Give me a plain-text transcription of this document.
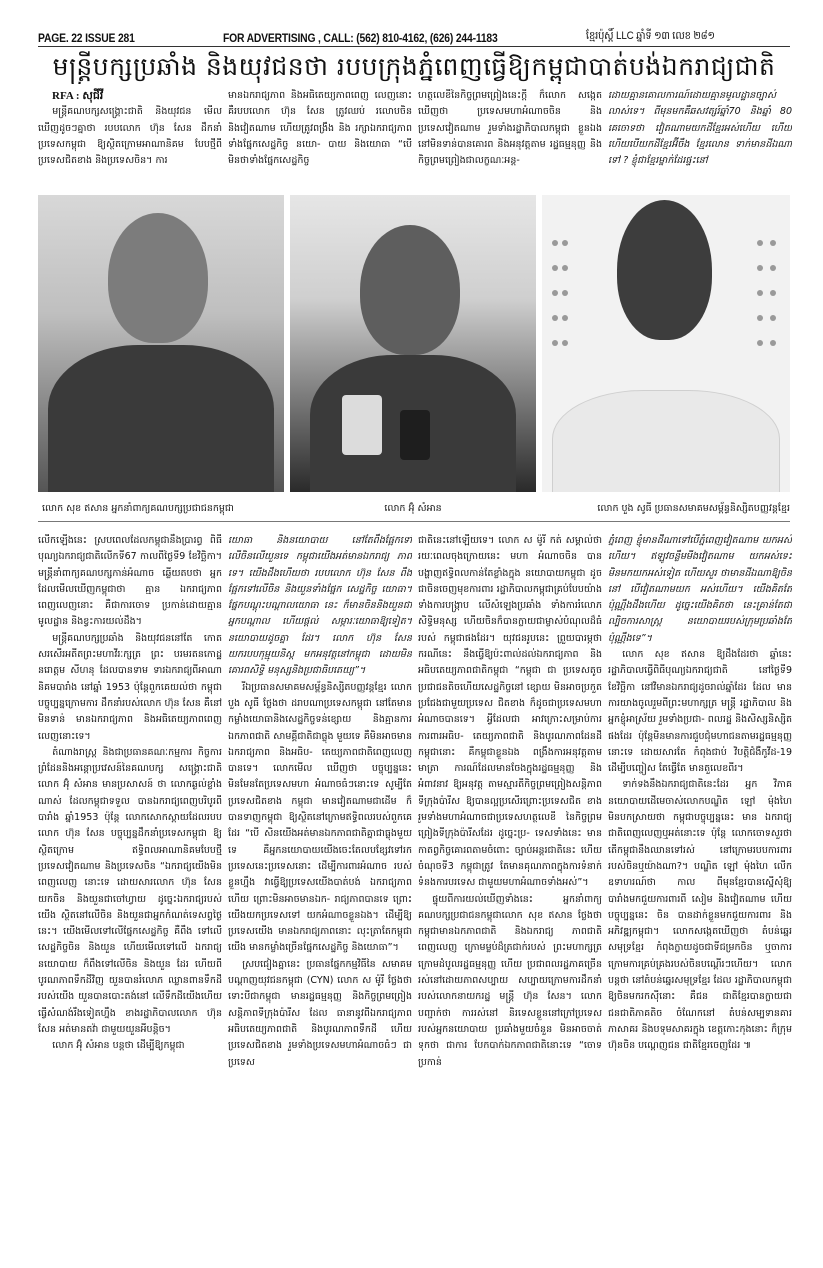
PAGE. 22 ISSUE 281	FOR ADVERTISING , CALL: (562) 810-4162, (626) 244-1183	ខ្មែរប៉ុស្តិ៍ LLC ឆ្នាំទី ១៣ លេខ ២៨១
មន្ត្រីបក្សប្រឆាំង និងយុវជនថា របបក្រុងភ្នំពេញធ្វើឱ្យកម្ពុជាបាត់បង់ឯករាជ្យជាតិ
RFA : សុជីវី

មន្ត្រីគណបក្សសង្គ្រោះជាតិ និងយុវជន មើលឃើញដូចៗគ្នាថា របបលោក ហ៊ុន សែន ដឹកនាំប្រទេសកម្ពុជា ឱ្យស្ថិតក្រោមអាណានិគម បែបថ្មីពីប្រទេសជិតខាង និងប្រទេសចិន។ ការ

មានឯករាជ្យភាព និងអធិតេយ្យភាពពេញ លេញនោះ គឺរបបលោក ហ៊ុន សែន ត្រូវឈប់ រលោបចិន និងវៀតណាម ហើយត្រូវពង្រឹង និង រក្សាឯករាជ្យភាពទាំងផ្នែកសេដ្ឋកិច្ច នយោ- បាយ និងយោធា “បើមិនថាទាំងផ្នែកសេដ្ឋកិច្ច

ហត្ថលេខីនៃកិច្ចព្រមព្រៀងនេះក្តី ក៏លោក សង្កេតឃើញថា ប្រទេសមហាអំណាចចិន និង ប្រទេសវៀតណាម រួមទាំងរដ្ឋាភិបាលកម្ពុជា ខ្លួនឯង នៅមិនទាន់បានគោរព និងអនុវត្តតាម រដ្ឋធម្មនុញ្ញ និងកិច្ចព្រមព្រៀងជាលក្ខណៈអន្ត-

ដោយគ្មានគោលការណ៍ដោយគ្មានមូលដ្ឋានច្បាស់ លាស់ទេ។ ពីមុនមកគឺឆសវត្សរ៍ឆ្នាំ70 និងឆ្នាំ 80 គេចោទថា វៀតណាមយកដីខ្មែរអស់ហើយ ហើយ ហើយបើយកដីខ្មែរអ៊ីចឹង ខ្មែរលោន ទាក់មានដីឯណាទៅ ? ខ្ញុំជាខ្មែរម្នាក់ដែរផ្ទះនៅ

លោក សុខ ឥសាន អ្នកនាំពាក្យគណបក្សប្រជាជនកម្ពុជា	លោក អ៊ុំ សំអាន	លោក បួង សូធី ប្រធានសមាគមសម្ព័ន្ធនិស្សិតបញ្ញវន្តខ្មែរ

លើកឡើងនេះ ស្របពេលដែលកម្ពុជានឹងប្រារព្ធ ពិធីបុណ្យឯករាជ្យជាតិលើកទី67 កាលពីថ្ងៃទី9 ខែវិច្ឆិកា។ មន្ត្រីនាំពាក្យគណបក្សកាន់អំណាច ឆ្លើយតបថា អ្នកដែលមើលឃើញកម្ពុជាថា គ្មាន ឯករាជ្យភាពពេញលេញនោះ គឺជាការចោទ ប្រកាន់ដោយគ្មានមូលដ្ឋាន និងខ្វះការយល់ដឹង។

មន្ត្រីគណបក្សប្រឆាំង និងយុវជននៅតែ កោតសរសើរអតីតព្រះមហាវីរៈក្សត្រ ព្រះ បរមរតនកោដ្ឋ នរោត្តម សីហនុ ដែលបានទាម ទារឯករាជ្យពីអាណានិគមបារាំង នៅឆ្នាំ 1953 ប៉ុន្តែពួកគេយល់ថា កម្ពុជាបច្ចុប្បន្នក្រោមការ ដឹកនាំរបស់លោក ហ៊ុន សែន គឺនៅមិនទាន់ មានឯករាជ្យភាព និងអធិតេយ្យភាពពេញ លេញនោះទេ។

តំណាងរាស្ត្រ និងជាប្រធានគណៈកម្មការ កិច្ចការព្រំដែននិងអន្តោប្រវេសន៍នៃគណបក្ស សង្គ្រោះជាតិលោក អ៊ុំ សំអាន មានប្រសាសន៍ ថា លោកឆ្ងល់ខ្លាំងណាស់ ដែលកម្ពុជាទទួល បានឯករាជ្យពេញបរិបូរពីបារាំង ឆ្នាំ1953 ប៉ុន្តែ លោកសោកស្តាយដែលរបបលោក ហ៊ុន សែន បច្ចុប្បន្នដឹកនាំប្រទេសកម្ពុជា ឱ្យស្ថិតក្រោម ឥទ្ធិពលអាណានិគមបែបថ្មីប្រទេសវៀតណាម និងប្រទេសចិន “ឯករាជ្យយើងមិនពេញលេញ នោះទេ ដោយសារលោក ហ៊ុន សែន យកចិន និងយួនជាចៅហ្វាយ ដូច្នេះឯករាជ្យរបស់យើង ស្ថិតនៅលើចិន និងយួនជាអ្នកកំណត់ទេសព្វថ្ងៃ នេះ។ យើងមើលទៅលើផ្នែកសេដ្ឋកិច្ច គឺពឹង ទៅលើសេដ្ឋកិច្ចចិន និងយួន ហើយមើលទៅលើ ឯករាជ្យនយោបាយ ក៏ពឹងទៅលើចិន និងយួន ដែរ ហើយពីបូរណភាពទឹកដីវិញ យួនបានរំលោភ ឈ្លានពានទឹកដីរបស់យើង យួនបានបោះតង់នៅ លើទឹកដីយើងហើយធ្វើសំណង់រឹងទៀតហ្នឹង ខាងរដ្ឋាភិបាលលោក ហ៊ុន សែន អត់មានតវ៉ា ជាមួយយួនអីបន្តិច។

លោក អ៊ុំ សំអាន បន្តថា ដើម្បីឱ្យកម្ពុជា

យោធា និងនយោបាយ នៅតែពឹងផ្អែកទៅ លើចិនលើយួនទេ កម្ពុជាយើងអត់មានឯករាជ្យ ភាពទេ។ យើងដឹងហើយថា របបលោក ហ៊ុន សែន ពឹងផ្អែកទៅលើចិន និងយួនទាំងផ្នែក សេដ្ឋកិច្ច យោធា។ ផ្នែកបណ្តុះបណ្តាលយោធា នេះ ក៏មានចិននិងយួនជាអ្នកបណ្តាល ហើយផ្តល់ សម្ភារៈយោធាឱ្យទៀត។ នយោបាយដូចគ្នា ដែរ។ លោក ហ៊ុន សែន យករបបកុម្មុយនិស្ត មកអនុវត្តនៅកម្ពុជា ដោយមិនគោរពសិទ្ធិ មនុស្សនិងប្រជាធិបតេយ្យ”។

រីឯប្រធានសមាគមសម្ព័ន្ធនិស្សិតបញ្ញវន្តខ្មែរ លោក បួង សូធី ថ្លែងថា ដរាបណាប្រទេសកម្ពុជា នៅតែមានកម្លាំងយោធានិងសេដ្ឋកិច្ចទន់ខ្សោយ និងគ្មានការឯកភាពជាតិ សាមគ្គីជាតិជាធ្លុង មួយទេ គឺមិនអាចមានឯករាជ្យភាព និងអធិប- តេយ្យភាពជាតិពេញលេញបានទេ។ លោកមើល ឃើញថា បច្ចុប្បន្ននេះមិនមែនតែប្រទេសមហា អំណាចធំៗនោះទេ សូម្បីតែប្រទេសជិតខាង កម្ពុជា មានវៀតណាមជាដើម ក៏បានទាញកម្ពុជា ឱ្យស្ថិតនៅក្រោមឥទ្ធិពលរបស់ពួកគេដែរ “បើ សិនយើងអត់មានឯកភាពជាតិគ្នាជាធ្លុងមួយទេ គឺអ្នកនយោបាយយើងចេះតែលបខ្សែវទៅរក ប្រទេសនេះប្រទេសនោះ ដើម្បីការពារអំណាច របស់ខ្លួនហ្នឹង វាធ្វើឱ្យប្រទេសយើងបាត់បង់ ឯករាជ្យភាពហើយ ព្រោះមិនអាចមានឯក- រាជ្យភាពបានទេ ព្រោះយើងយកប្រទេសទៅ យកអំណាចខ្លួនឯង។ ដើម្បីឱ្យប្រទេសយើង មានឯករាជ្យភាពនោះ លុះត្រាតែកម្ពុជាយើង មានកម្លាំងច្រើនផ្នែកសេដ្ឋកិច្ច និងយោធា”។

ស្របជៀងគ្នានេះ ប្រធានផ្នែកកម្មវិធីនៃ សមាគមបណ្តាញយុវជនកម្ពុជា (CYN) លោក ស ម៉ូរី ថ្លែងថា ទោះបីជាកម្ពុជា មានរដ្ឋធម្មនុញ្ញ និងកិច្ចព្រមព្រៀងសន្តិភាពទីក្រុងប៉ារីស ដែល ធានានូវពីឯករាជ្យភាព អធិបតេយ្យភាពជាតិ និងបូរណភាពទឹកដី ហើយប្រទេសជិតខាង រួមទាំងប្រទេសមហាអំណាចធំៗ ជាប្រទេស

ជាតិនេះនៅឡើយទេ។ លោក ស ម៉ូរី កត់ សម្គាល់ថា រយៈពេលចុងក្រោយនេះ មហា អំណាចចិន បានបង្ហាញឥទ្ធិពលកាន់តែខ្លាំងក្នុង នយោបាយកម្ពុជា ដូចជាចិនចេញមុខការពារ រដ្ឋាភិបាលកម្ពុជាគ្រប់បែបយ៉ាង ទាំងការបង្ក្រាប លើសំឡេងប្រឆាំង ទាំងការរំលោភសិទ្ធិមនុស្ស ហើយចិនក៏បានក្លាយជាម្ចាស់បំណុលដ៏ធំរបស់ កម្ពុជាផងដែរ។ យុវជនរូបនេះ ព្រួយបារម្ភថា ករណីនេះ នឹងធ្វើឱ្យប៉ះពាល់ដល់ឯករាជ្យភាព និងអធិបតេយ្យភាពជាតិកម្ពុជា “កម្ពុជា ជា ប្រទេសតូចប្រជាជនតិចហើយសេដ្ឋកិច្ចនៅ ខ្សោយ មិនអាចប្រកួតប្រជែងជាមួយប្រទេស ជិតខាង ក៏ដូចជាប្រទេសមហាអំណាចបានទេ។ អ្វីដែលជា អាវក្រោះសម្រាប់ការការពារអធិប- តេយ្យភាពជាតិ និងបូរណភាពដែនដីកម្ពុជានោះ គឺកម្ពុជាខ្លួនឯង ពង្រឹងការអនុវត្តតាមមាត្រា ការណ៍ដែលមានចែងក្នុងរដ្ឋធម្មនុញ្ញ និងអំពាវនាវ ឱ្យអនុវត្ត តាមស្មារតីកិច្ចព្រមព្រៀងសន្តិភាព ទីក្រុងប៉ារីស ឱ្យបានល្អប្រសើរព្រោះប្រទេសជិត ខាងរួមទាំងមហាអំណាចជាប្រទេសហត្ថលេខី នៃកិច្ចព្រមព្រៀងទីក្រុងប៉ារីសដែរ ដូច្នេះប្រ- ទេសទាំងនេះ មានកាតព្វកិច្ចគោរពតាមចំពោះ ច្បាប់អន្តរជាតិនេះ ហើយចំណុចទី3 កម្ពុជាត្រូវ តែមានគុណភាពក្នុងការទំនាក់ទំនងការបរទេស ជាមួយមហាអំណាចទាំងអស់”។

ផ្ទុយពីការយល់ឃើញទាំងនេះ អ្នកនាំពាក្យ គណបក្សប្រជាជនកម្ពុជាលោក សុខ ឥសាន ថ្លែងថា កម្ពុជាមានឯកភាពជាតិ និងឯករាជ្យ ភាពជាតិពេញលេញ ក្រោមម្លប់ដ៏ត្រជាក់របស់ ព្រះមហាក្សត្រ ក្រោមដំបូលរដ្ឋធម្មនុញ្ញ ហើយ ប្រជាពលរដ្ឋភាគច្រើនរស់នៅដោយភាពសប្បាយ សប្បាយក្រោមការដឹកនាំរបស់លោកនាយករដ្ឋ មន្ត្រី ហ៊ុន សែន។ លោកបញ្ជាក់ថា ការរស់នៅ និរទេសខ្លួននៅក្រៅប្រទេសរបស់អ្នកនយោបាយ ប្រឆាំងមួយចំនួន មិនអាចចាត់ទុកថា ជាការ បែកបាក់ឯកភាពជាតិនោះទេ “ចោទប្រកាន់

ភ្នំពេញ ខ្ញុំមានដីណាទៅបើភ្នំពេញវៀតណាម យកអស់ហើយ។ ឥឡូវចន្លឹមមីងវៀតណាម យកអស់ទេះ មិនមកយកអស់ទៀត ហើយសួរ ថាមានដីឯណាឱ្យចិននៅ បើវៀតណាមយក អស់ហើយ។ យើងគិតតែប៉ុណ្ណឹងដឹងហើយ ដូច្នេះយើងគិតថា នេះគ្រាន់តែជាល្បិចការសាស្ត្រ នយោបាយរបស់ក្រុមប្រឆាំងតែប៉ុណ្ណឹងទេ”។

លោក សុខ ឥសាន ឱ្យដឹងដែរថា ឆ្នាំនេះ រដ្ឋាភិបាលធ្វើពិធីបុណ្យឯករាជ្យជាតិ នៅថ្ងៃទី9 ខែវិច្ឆិកា នៅវិមានឯករាជ្យដូចរាល់ឆ្នាំដែរ ដែល មានការយាងចូលរួមពីព្រះមហាក្សត្រ មន្ត្រី រដ្ឋាភិបាល និងអ្នកខ្ញុំអាស្រ័យ រួមទាំងប្រជា- ពលរដ្ឋ និងសិស្សនិស្សិតផងដែរ ប៉ុន្តែមិនមានការជួបជុំមហាជនតាមរដ្ឋធម្មនុញ្ញ នោះទេ ដោយសារតែ កំពុងជាប់ វិបត្តិជំងឺកូវីដ-19 ដើម្បីបញ្ចៀស តែធ្វើតែ មានតួលេខពីរ។

ទាក់ទងនឹងឯករាជ្យជាតិនេះដែរ អ្នក វិភាគនយោបាយដេីមេចាស់លោកបណ្ឌិត ឡៅ ម៉ុងហៃ មិនបកស្រាយថា កម្ពុជាបច្ចុប្បន្ននេះ មាន ឯករាជ្យជាតិពេញលេញឬអត់នោះទេ ប៉ុន្តែ លោកចោទសួរថា តើកម្ពុជានឹងឈានទៅរស់ នៅក្រោមរបបការពាររបស់ចិនឬយ៉ាងណា?។ បណ្ឌិត ឡៅ ម៉ុងហៃ លើកឧទាហរណ៍ថា កាល ពីមុនខ្មែរបានស្នើសុំឱ្យបារាំងមកជួយការពារពី សៀម និងវៀតណាម ហើយបច្ចុប្បន្ននេះ ចិន បានដាក់ខ្លួនមកជួយការពារ និងអភិវឌ្ឍកម្ពុជា។ លោកសង្កេតឃើញថា តំបន់ឆ្នេរសមុទ្រខ្មែរ កំពុងក្លាយដូចជាទីជម្រកចិន ឬចាការ ក្រោមការគ្រប់គ្រងរបស់ចិនបណ្តើរៗហើយ។ លោកបន្តថា នៅតំបន់ឆ្នេរសមុទ្រខ្មែរ ដែល រដ្ឋាភិបាលកម្ពុជា ឱ្យចិនមករកស៊ីនោះ គឺជន ជាតិខ្មែរបានក្លាយជាជនជាតិភាគតិច ចំណែកនៅ តំបន់សម្បទានគារភាសាគរ និងបទុមសាគរក្នុង ខេត្តកោះកុងនោះ ក៏ក្រុមហ៊ុនចិន បណ្តេញជន ជាតិខ្មែរចេញដែរ ៕
